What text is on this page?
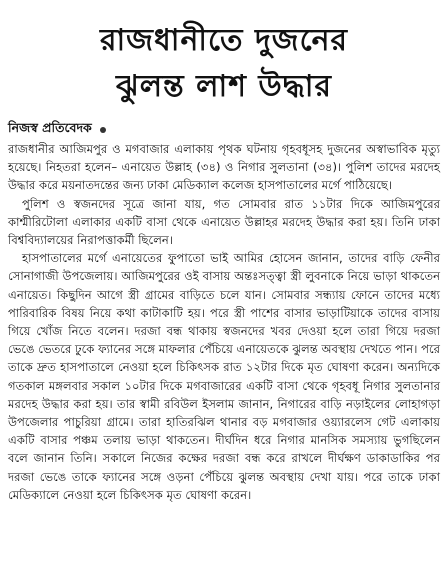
রাজধানীতে দুজনের
ঝুলন্ত লাশ উদ্ধার
নিজস্ব প্রতিবেদক

রাজধানীর আজিমপুর ও মগবাজার এলাকায় পৃথক ঘটনায় গৃহবধূসহ দুজনের অস্বাভাবিক মৃত্যু হয়েছে। নিহতরা হলেন– এনায়েত উল্লাহ (৩৪) ও নিগার সুলতানা (৩৪)। পুলিশ তাদের মরদেহ উদ্ধার করে ময়নাতদন্তের জন্য ঢাকা মেডিক্যাল কলেজ হাসপাতালের মর্গে পাঠিয়েছে।

পুলিশ ও স্বজনদের সূত্রে জানা যায়, গত সোমবার রাত ১১টার দিকে আজিমপুরের কাশ্মীরিটোলা এলাকার একটি বাসা থেকে এনায়েত উল্লাহর মরদেহ উদ্ধার করা হয়। তিনি ঢাকা বিশ্ববিদ্যালয়ের নিরাপত্তাকর্মী ছিলেন।

হাসপাতালের মর্গে এনায়েতের ফুপাতো ভাই আমির হোসেন জানান, তাদের বাড়ি ফেনীর সোনাগাজী উপজেলায়। আজিমপুরের ওই বাসায় অন্তঃসত্ত্বা স্ত্রী লুবনাকে নিয়ে ভাড়া থাকতেন এনায়েত। কিছুদিন আগে স্ত্রী গ্রামের বাড়িতে চলে যান। সোমবার সন্ধ্যায় ফোনে তাদের মধ্যে পারিবারিক বিষয় নিয়ে কথা কাটাকাটি হয়। পরে স্ত্রী পাশের বাসার ভাড়াটিয়াকে তাদের বাসায় গিয়ে খোঁজ নিতে বলেন। দরজা বন্ধ থাকায় স্বজনদের খবর দেওয়া হলে তারা গিয়ে দরজা ভেঙে ভেতরে ঢুকে ফ্যানের সঙ্গে মাফলার পেঁচিয়ে এনায়েতকে ঝুলন্ত অবস্থায় দেখতে পান। পরে তাকে দ্রুত হাসপাতালে নেওয়া হলে চিকিৎসক রাত ১২টার দিকে মৃত ঘোষণা করেন। অন্যদিকে গতকাল মঙ্গলবার সকাল ১০টার দিকে মগবাজারের একটি বাসা থেকে গৃহবধূ নিগার সুলতানার মরদেহ উদ্ধার করা হয়। তার স্বামী রবিউল ইসলাম জানান, নিগারের বাড়ি নড়াইলের লোহাগড়া উপজেলার পাচুরিয়া গ্রামে। তারা হাতিরঝিল থানার বড় মগবাজার ওয়্যারলেস গেট এলাকায় একটি বাসার পঞ্চম তলায় ভাড়া থাকতেন। দীর্ঘদিন ধরে নিগার মানসিক সমস্যায় ভুগছিলেন বলে জানান তিনি। সকালে নিজের কক্ষের দরজা বন্ধ করে রাখলে দীর্ঘক্ষণ ডাকাডাকির পর দরজা ভেঙে তাকে ফ্যানের সঙ্গে ওড়না পেঁচিয়ে ঝুলন্ত অবস্থায় দেখা যায়। পরে তাকে ঢাকা মেডিক্যালে নেওয়া হলে চিকিৎসক মৃত ঘোষণা করেন।
